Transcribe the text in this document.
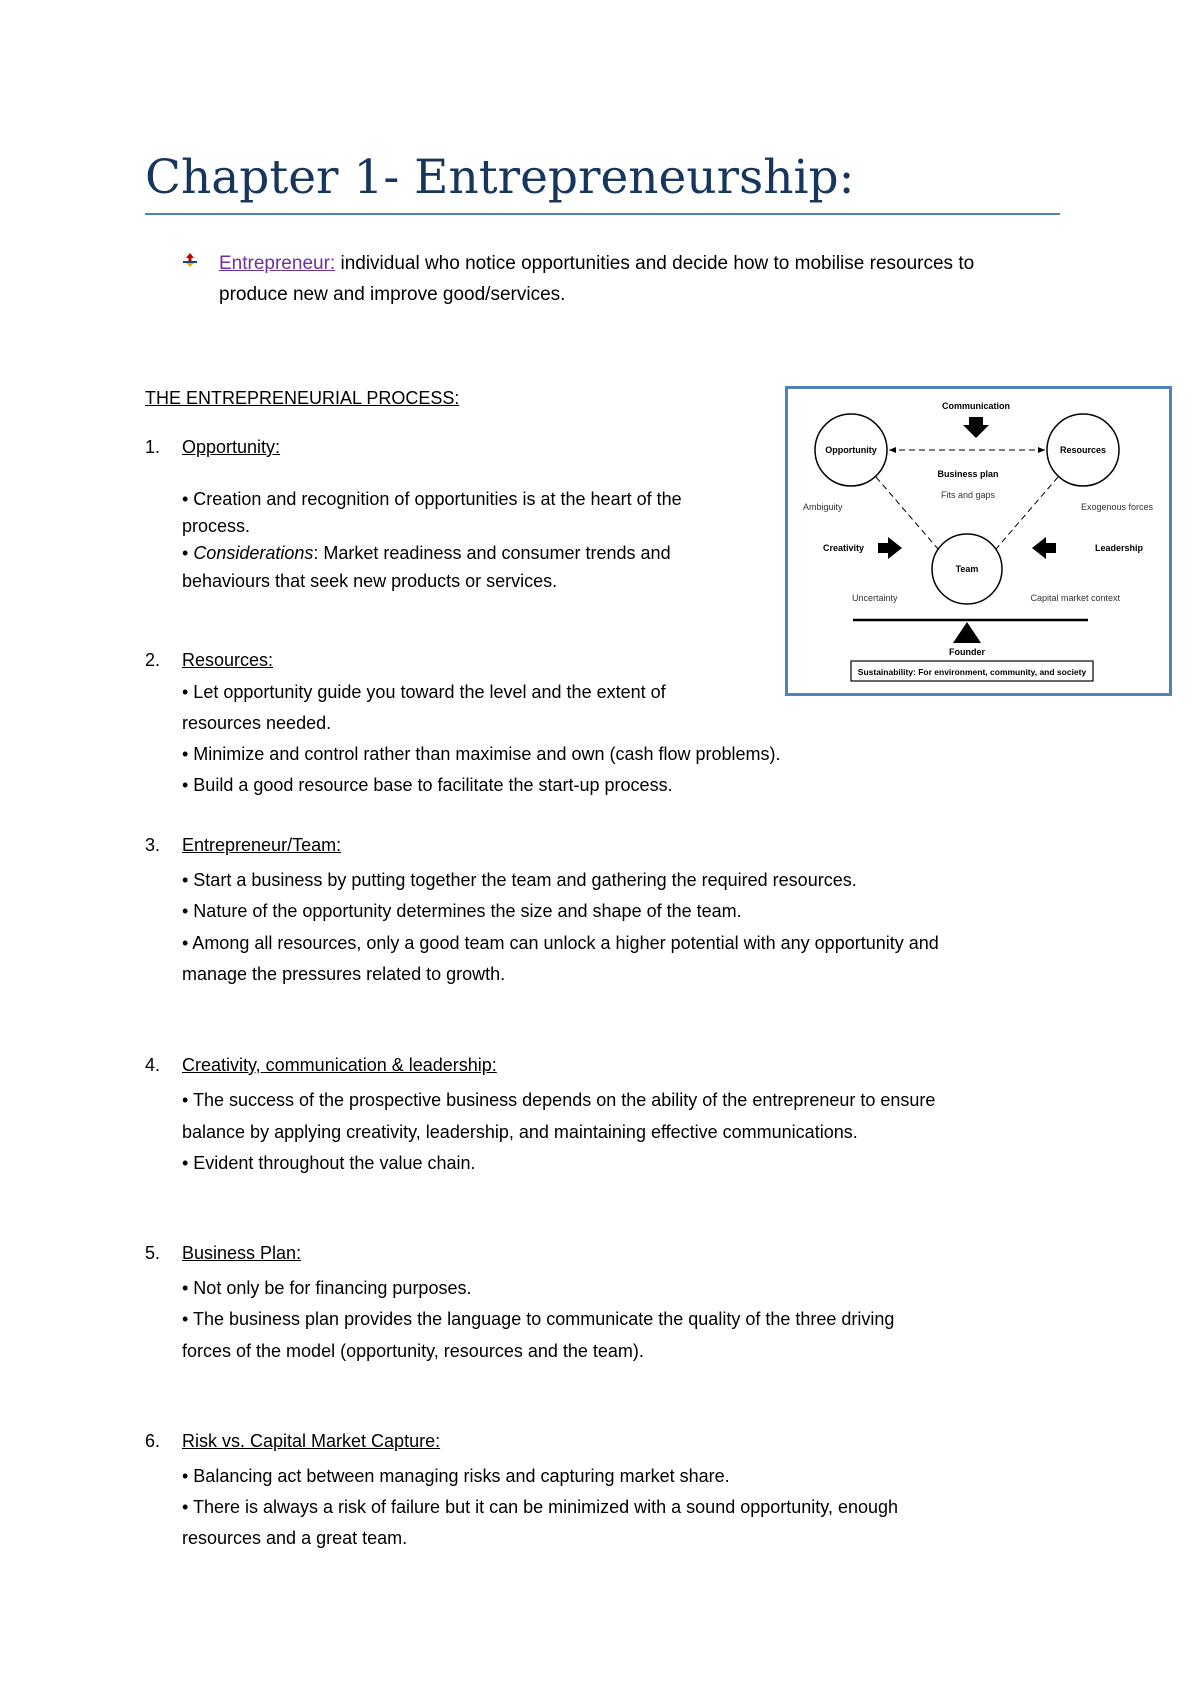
Chapter 1- Entrepreneurship:
Entrepreneur: individual who notice opportunities and decide how to mobilise resources to
produce new and improve good/services.
THE ENTREPRENEURIAL PROCESS:
1. Opportunity:
• Creation and recognition of opportunities is at the heart of the
process.
• Considerations: Market readiness and consumer trends and
behaviours that seek new products or services.
2. Resources:
• Let opportunity guide you toward the level and the extent of
resources needed.
• Minimize and control rather than maximise and own (cash flow problems).
• Build a good resource base to facilitate the start-up process.
3. Entrepreneur/Team:
• Start a business by putting together the team and gathering the required resources.
• Nature of the opportunity determines the size and shape of the team.
• Among all resources, only a good team can unlock a higher potential with any opportunity and
manage the pressures related to growth.
4. Creativity, communication & leadership:
• The success of the prospective business depends on the ability of the entrepreneur to ensure
balance by applying creativity, leadership, and maintaining effective communications.
• Evident throughout the value chain.
5. Business Plan:
• Not only be for financing purposes.
• The business plan provides the language to communicate the quality of the three driving
forces of the model (opportunity, resources and the team).
6. Risk vs. Capital Market Capture:
• Balancing act between managing risks and capturing market share.
• There is always a risk of failure but it can be minimized with a sound opportunity, enough
resources and a great team.
Communication
Opportunity	Resources
Business plan
Fits and gaps
Ambiguity	Exogenous forces
Creativity	Leadership
Team
Uncertainty	Capital market context
Founder
Sustainability: For environment, community, and society
